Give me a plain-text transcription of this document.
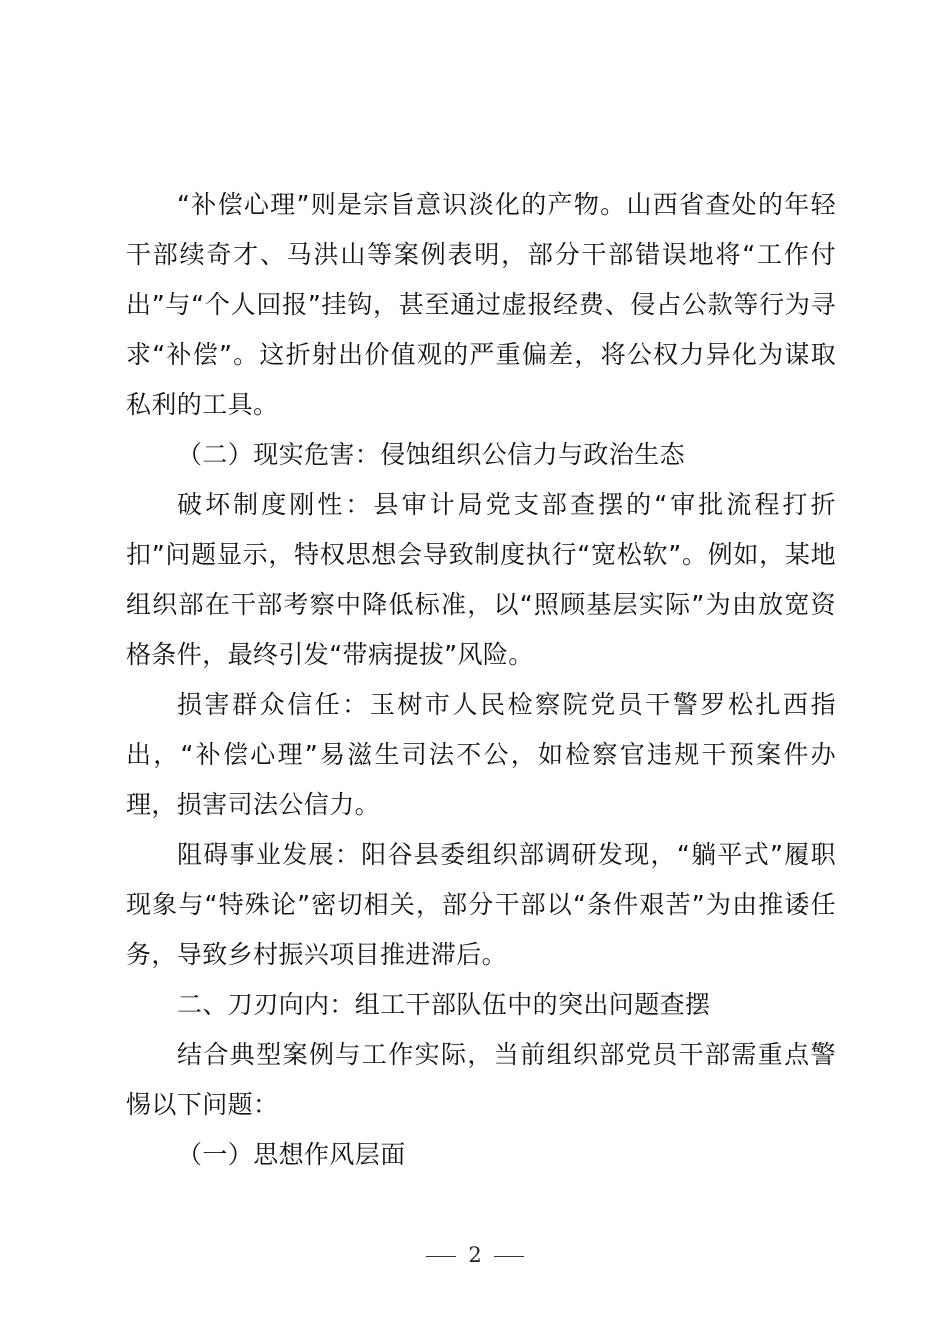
“补偿心理”则是宗旨意识淡化的产物。山西省查处的年轻干部续奇才、马洪山等案例表明，部分干部错误地将“工作付出”与“个人回报”挂钩，甚至通过虚报经费、侵占公款等行为寻求“补偿”。这折射出价值观的严重偏差，将公权力异化为谋取私利的工具。

（二）现实危害：侵蚀组织公信力与政治生态

破坏制度刚性：县审计局党支部查摆的“审批流程打折扣”问题显示，特权思想会导致制度执行“宽松软”。例如，某地组织部在干部考察中降低标准，以“照顾基层实际”为由放宽资格条件，最终引发“带病提拔”风险。

损害群众信任：玉树市人民检察院党员干警罗松扎西指出，“补偿心理”易滋生司法不公，如检察官违规干预案件办理，损害司法公信力。

阻碍事业发展：阳谷县委组织部调研发现，“躺平式”履职现象与“特殊论”密切相关，部分干部以“条件艰苦”为由推诿任务，导致乡村振兴项目推进滞后。

二、刀刃向内：组工干部队伍中的突出问题查摆

结合典型案例与工作实际，当前组织部党员干部需重点警惕以下问题：

（一）思想作风层面

2
